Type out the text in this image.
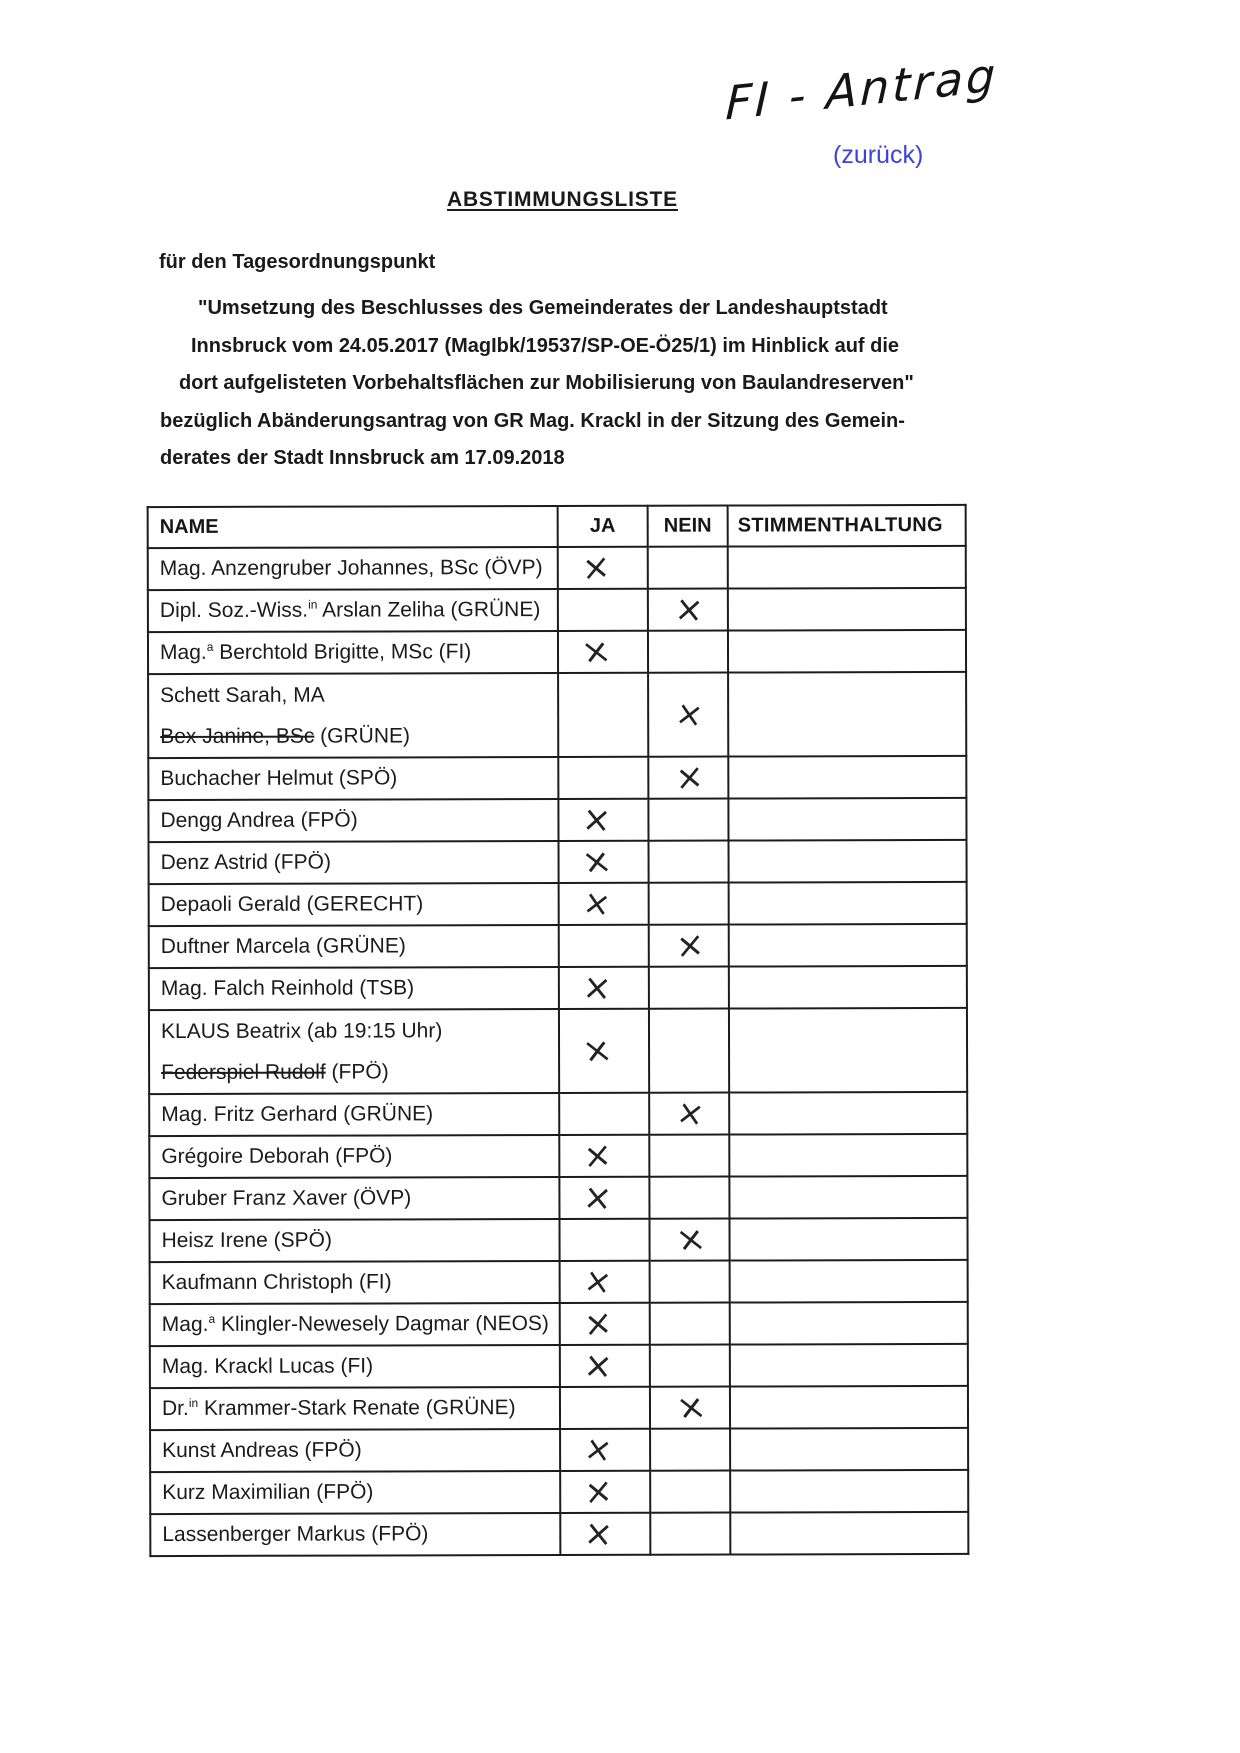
FI - Antrag
(zurück)
ABSTIMMUNGSLISTE
für den Tagesordnungspunkt
"Umsetzung des Beschlusses des Gemeinderates der Landeshauptstadt
Innsbruck vom 24.05.2017 (MagIbk/19537/SP-OE-Ö25/1) im Hinblick auf die
dort aufgelisteten Vorbehaltsflächen zur Mobilisierung von Baulandreserven"
bezüglich Abänderungsantrag von GR Mag. Krackl in der Sitzung des Gemein-
derates der Stadt Innsbruck am 17.09.2018
NAME	JA	NEIN	STIMMENTHALTUNG

Mag. Anzengruber Johannes, BSc (ÖVP)	×		

Dipl. Soz.-Wiss.$^{in}$ Arslan Zeliha (GRÜNE)		×	

Mag.$^a$ Berchtold Brigitte, MSc (FI)	×		

Schett Sarah, MA
Bex Janine, BSc (GRÜNE)		×	

Buchacher Helmut (SPÖ)		×	

Dengg Andrea (FPÖ)	×		

Denz Astrid (FPÖ)	×		

Depaoli Gerald (GERECHT)	×		

Duftner Marcela (GRÜNE)		×	

Mag. Falch Reinhold (TSB)	×		

KLAUS Beatrix (ab 19:15 Uhr)
Federspiel Rudolf (FPÖ)	×		

Mag. Fritz Gerhard (GRÜNE)		×	

Grégoire Deborah (FPÖ)	×		

Gruber Franz Xaver (ÖVP)	×		

Heisz Irene (SPÖ)		×	

Kaufmann Christoph (FI)	×		

Mag.$^a$ Klingler-Newesely Dagmar (NEOS)	×		

Mag. Krackl Lucas (FI)	×		

Dr.$^{in}$ Krammer-Stark Renate (GRÜNE)		×	

Kunst Andreas (FPÖ)	×		

Kurz Maximilian (FPÖ)	×		

Lassenberger Markus (FPÖ)	×		
